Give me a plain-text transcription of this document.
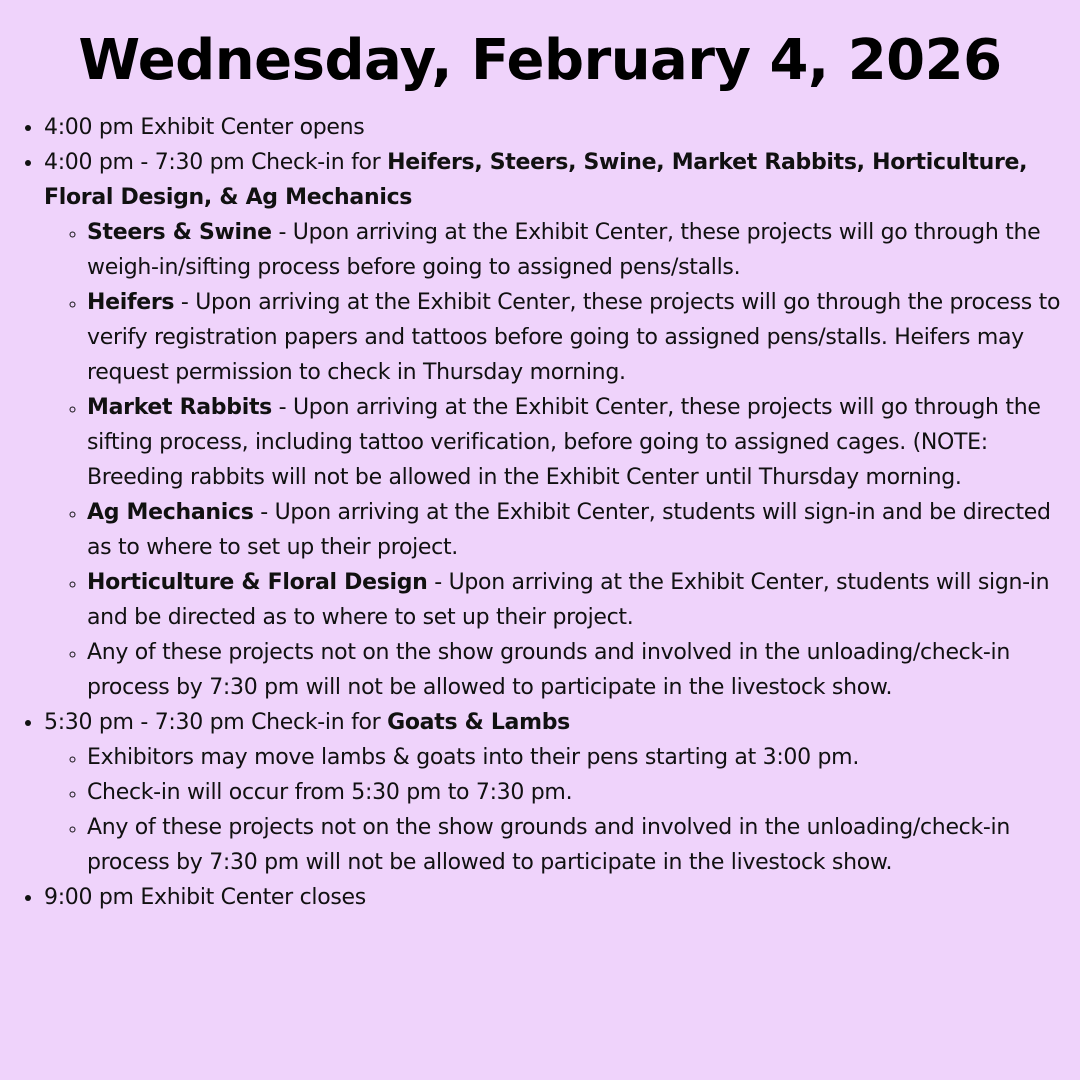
Wednesday, February 4, 2026
• 4:00 pm Exhibit Center opens
• 4:00 pm - 7:30 pm Check-in for Heifers, Steers, Swine, Market Rabbits, Horticulture, Floral Design, & Ag Mechanics
◦ Steers & Swine - Upon arriving at the Exhibit Center, these projects will go through the weigh-in/sifting process before going to assigned pens/stalls.
◦ Heifers - Upon arriving at the Exhibit Center, these projects will go through the process to verify registration papers and tattoos before going to assigned pens/stalls. Heifers may request permission to check in Thursday morning.
◦ Market Rabbits - Upon arriving at the Exhibit Center, these projects will go through the sifting process, including tattoo verification, before going to assigned cages. (NOTE: Breeding rabbits will not be allowed in the Exhibit Center until Thursday morning.
◦ Ag Mechanics - Upon arriving at the Exhibit Center, students will sign-in and be directed as to where to set up their project.
◦ Horticulture & Floral Design - Upon arriving at the Exhibit Center, students will sign-in and be directed as to where to set up their project.
◦ Any of these projects not on the show grounds and involved in the unloading/check-in process by 7:30 pm will not be allowed to participate in the livestock show.
• 5:30 pm - 7:30 pm Check-in for Goats & Lambs
◦ Exhibitors may move lambs & goats into their pens starting at 3:00 pm.
◦ Check-in will occur from 5:30 pm to 7:30 pm.
◦ Any of these projects not on the show grounds and involved in the unloading/check-in process by 7:30 pm will not be allowed to participate in the livestock show.
• 9:00 pm Exhibit Center closes
